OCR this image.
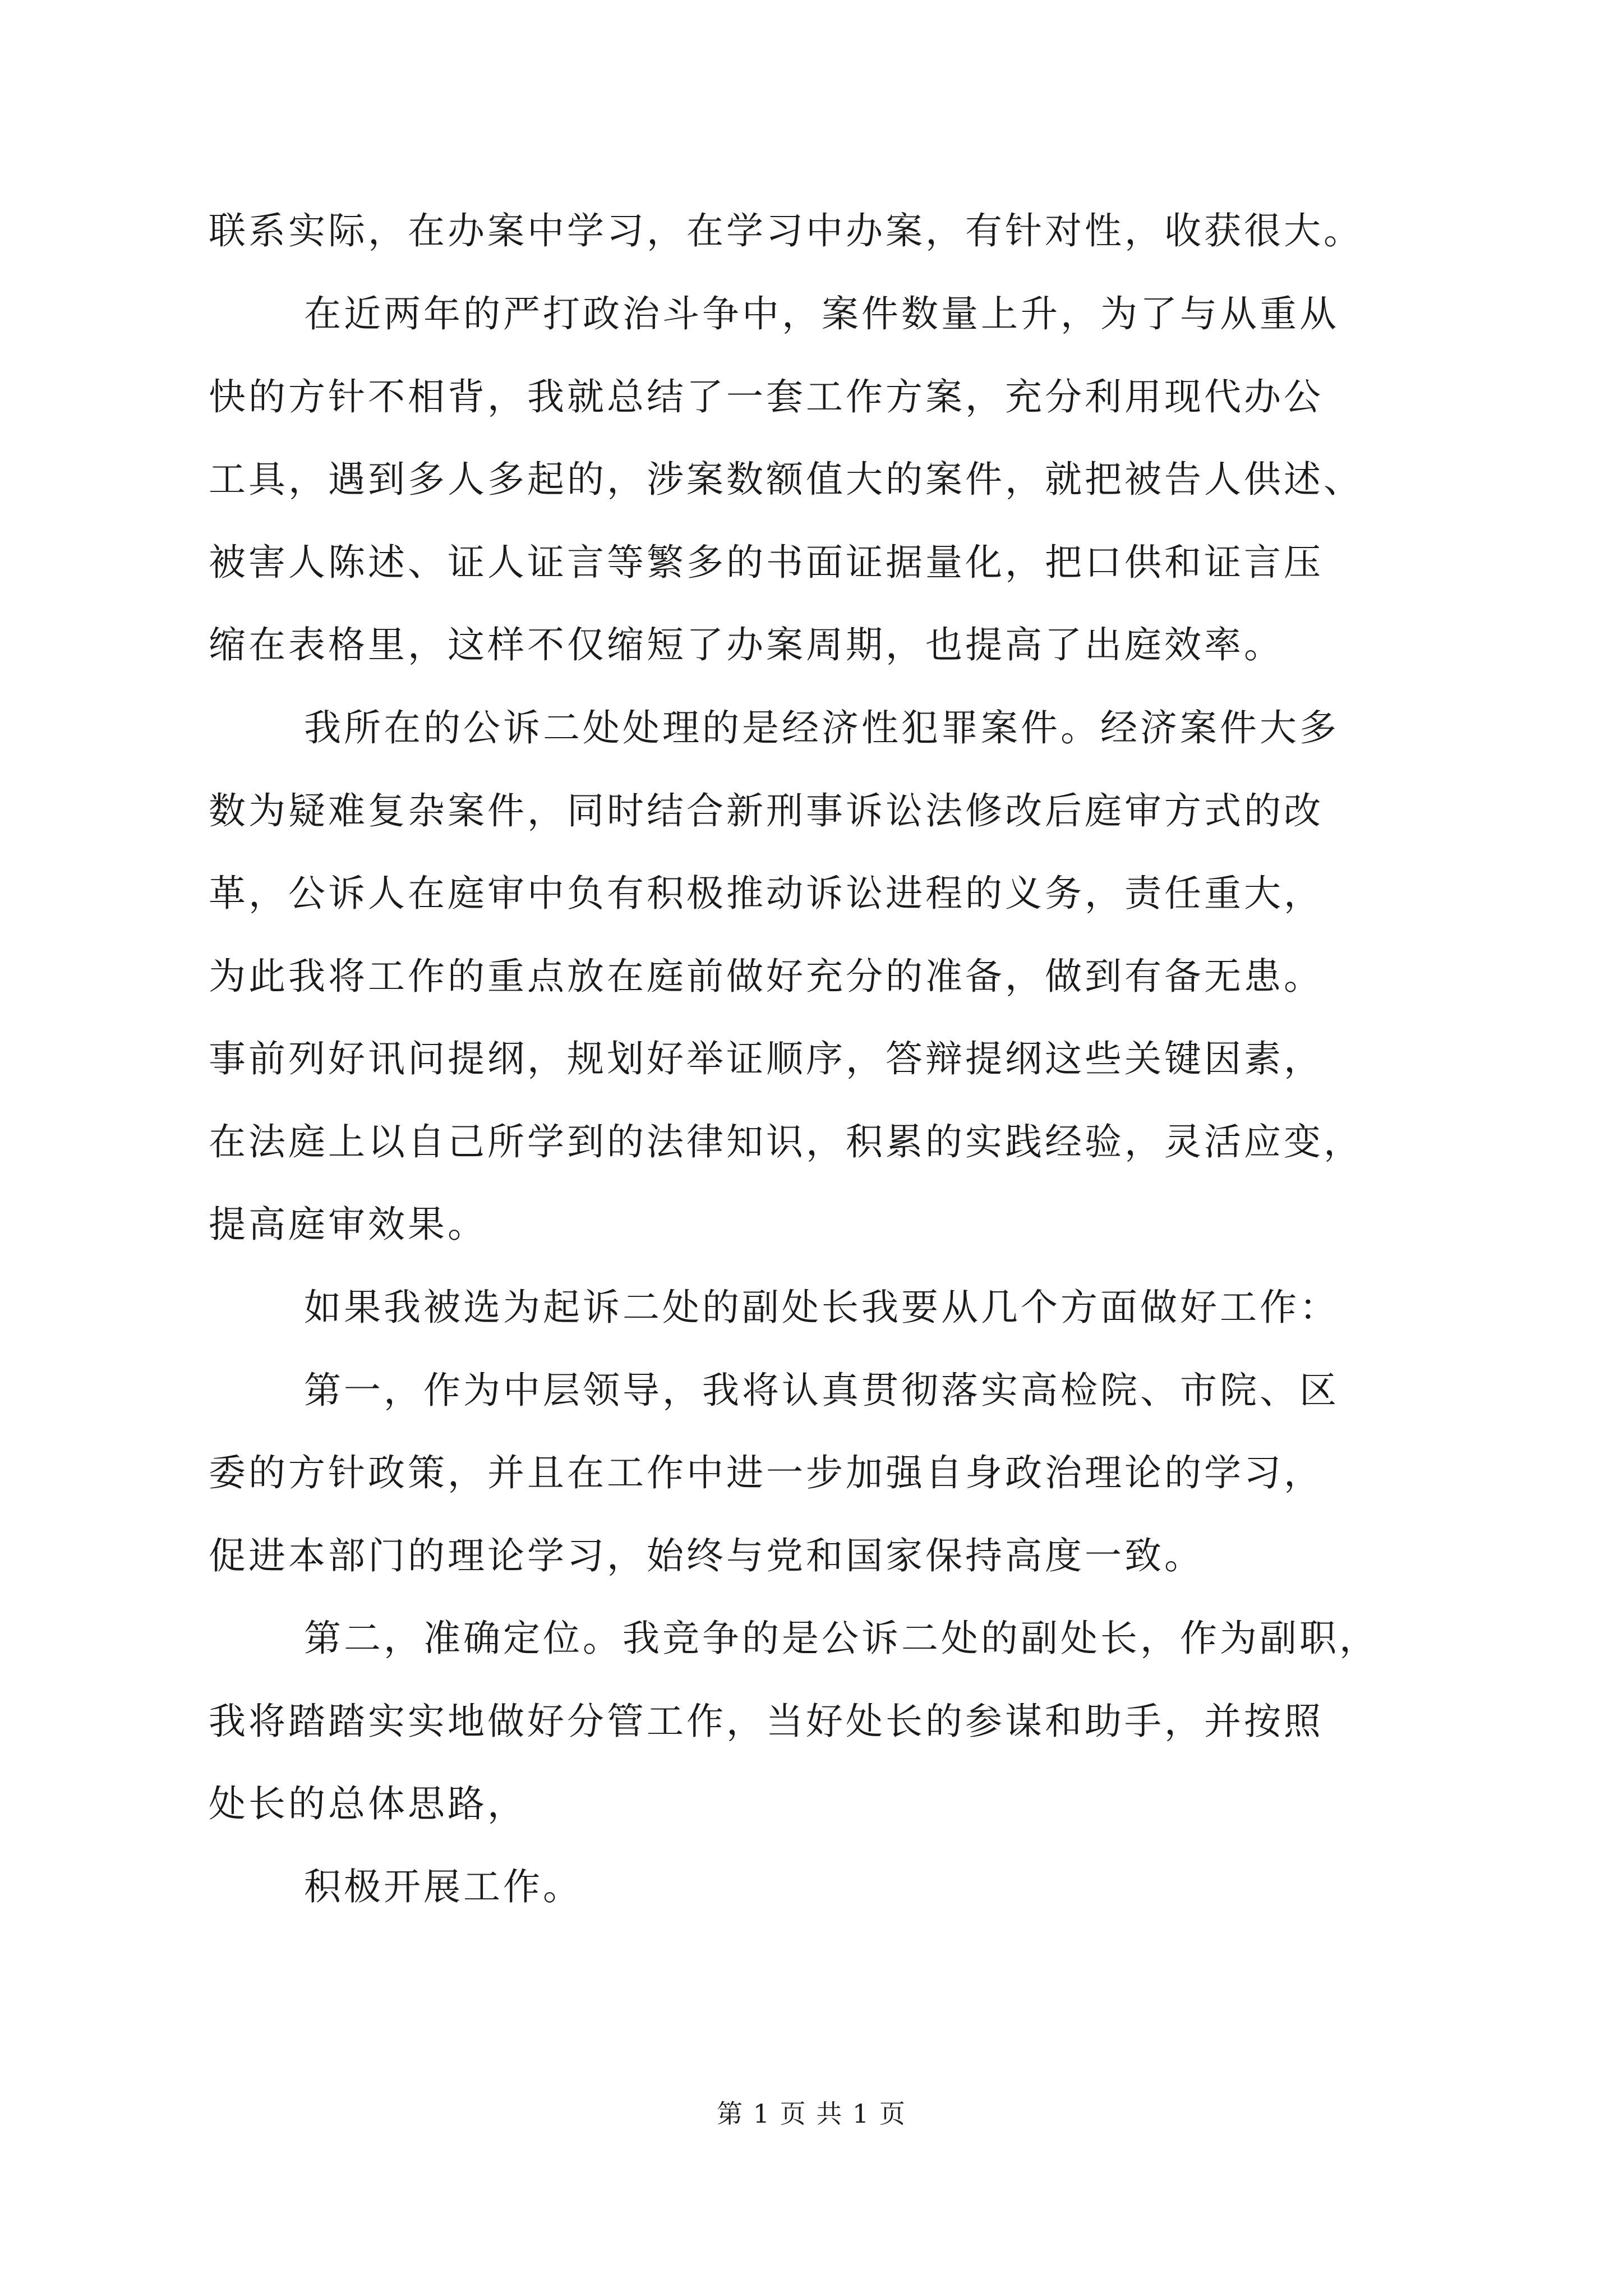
联系实际，在办案中学习，在学习中办案，有针对性，收获很大。
在近两年的严打政治斗争中，案件数量上升，为了与从重从
快的方针不相背，我就总结了一套工作方案，充分利用现代办公
工具，遇到多人多起的，涉案数额值大的案件，就把被告人供述、
被害人陈述、证人证言等繁多的书面证据量化，把口供和证言压
缩在表格里，这样不仅缩短了办案周期，也提高了出庭效率。
我所在的公诉二处处理的是经济性犯罪案件。经济案件大多
数为疑难复杂案件，同时结合新刑事诉讼法修改后庭审方式的改
革，公诉人在庭审中负有积极推动诉讼进程的义务，责任重大，
为此我将工作的重点放在庭前做好充分的准备，做到有备无患。
事前列好讯问提纲，规划好举证顺序，答辩提纲这些关键因素，
在法庭上以自己所学到的法律知识，积累的实践经验，灵活应变，
提高庭审效果。
如果我被选为起诉二处的副处长我要从几个方面做好工作：
第一，作为中层领导，我将认真贯彻落实高检院、市院、区
委的方针政策，并且在工作中进一步加强自身政治理论的学习，
促进本部门的理论学习，始终与党和国家保持高度一致。
第二，准确定位。我竞争的是公诉二处的副处长，作为副职，
我将踏踏实实地做好分管工作，当好处长的参谋和助手，并按照
处长的总体思路，
积极开展工作。
第 1 页 共 1 页
